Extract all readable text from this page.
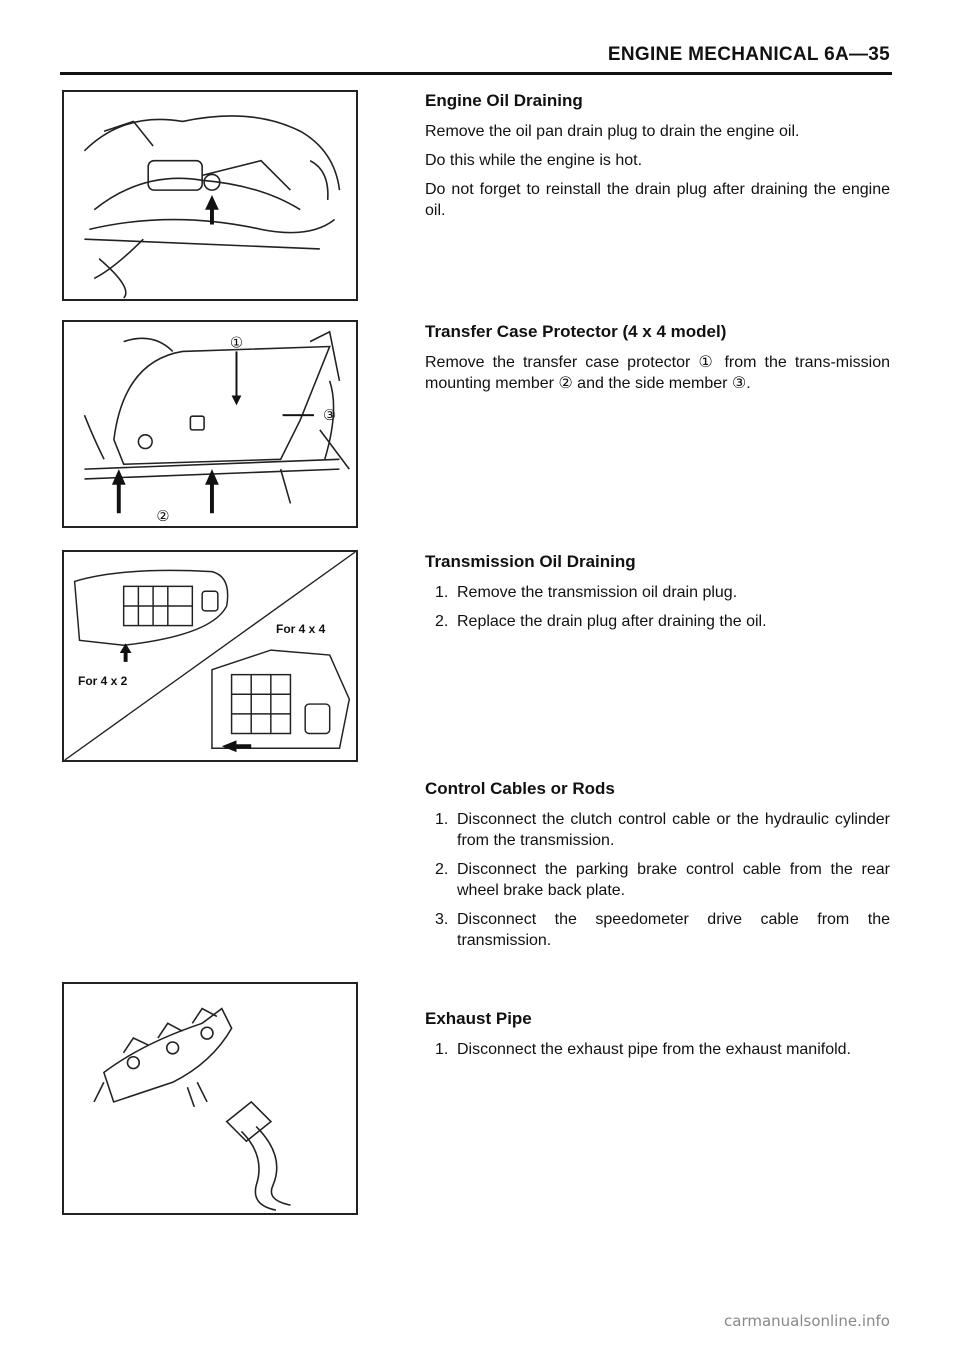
ENGINE MECHANICAL 6A—35
①
②
③
For 4 x 4
For 4 x 2
Engine Oil Draining

Remove the oil pan drain plug to drain the engine oil.

Do this while the engine is hot.

Do not forget to reinstall the drain plug after draining the engine oil.

Transfer Case Protector (4 x 4 model)

Remove the transfer case protector ① from the trans-mission mounting member ② and the side member ③.

Transmission Oil Draining
1. Remove the transmission oil drain plug.
2. Replace the drain plug after draining the oil.
Control Cables or Rods
1. Disconnect the clutch control cable or the hydraulic cylinder from the transmission.
2. Disconnect the parking brake control cable from the rear wheel brake back plate.
3. Disconnect the speedometer drive cable from the transmission.
Exhaust Pipe
1. Disconnect the exhaust pipe from the exhaust manifold.
carmanualsonline.info
